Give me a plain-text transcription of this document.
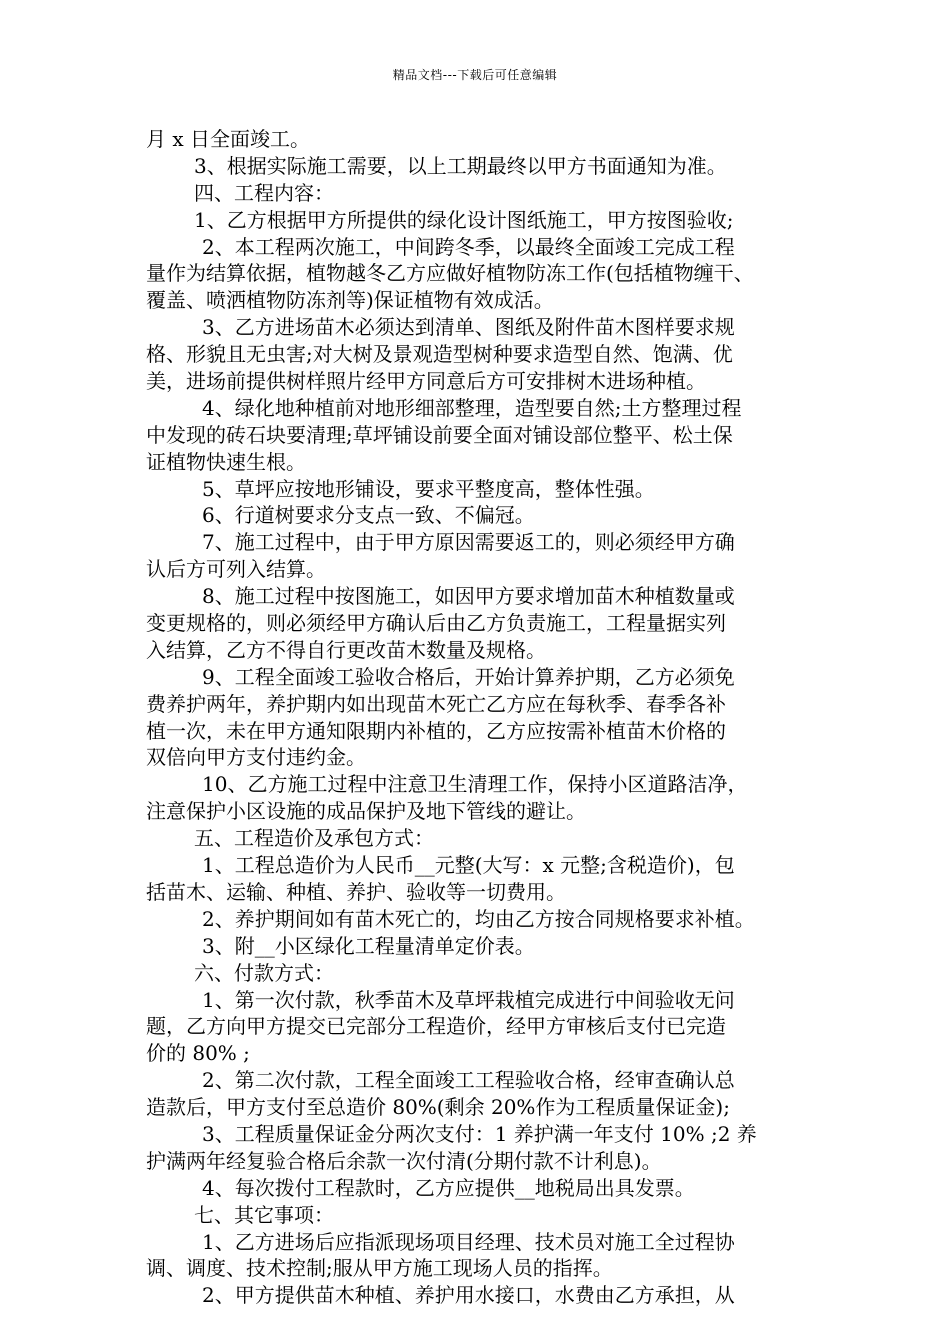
精品文档---下载后可任意编辑
月 x 日全面竣工。
3、根据实际施工需要，以上工期最终以甲方书面通知为准。
四、工程内容：
1、乙方根据甲方所提供的绿化设计图纸施工，甲方按图验收;
2、本工程两次施工，中间跨冬季，以最终全面竣工完成工程
量作为结算依据，植物越冬乙方应做好植物防冻工作(包括植物缠干、
覆盖、喷洒植物防冻剂等)保证植物有效成活。
3、乙方进场苗木必须达到清单、图纸及附件苗木图样要求规
格、形貌且无虫害;对大树及景观造型树种要求造型自然、饱满、优
美，进场前提供树样照片经甲方同意后方可安排树木进场种植。
4、绿化地种植前对地形细部整理，造型要自然;土方整理过程
中发现的砖石块要清理;草坪铺设前要全面对铺设部位整平、松土保
证植物快速生根。
5、草坪应按地形铺设，要求平整度高，整体性强。
6、行道树要求分支点一致、不偏冠。
7、施工过程中，由于甲方原因需要返工的，则必须经甲方确
认后方可列入结算。
8、施工过程中按图施工，如因甲方要求增加苗木种植数量或
变更规格的，则必须经甲方确认后由乙方负责施工，工程量据实列
入结算，乙方不得自行更改苗木数量及规格。
9、工程全面竣工验收合格后，开始计算养护期，乙方必须免
费养护两年，养护期内如出现苗木死亡乙方应在每秋季、春季各补
植一次，未在甲方通知限期内补植的，乙方应按需补植苗木价格的
双倍向甲方支付违约金。
10、乙方施工过程中注意卫生清理工作，保持小区道路洁净，
注意保护小区设施的成品保护及地下管线的避让。
五、工程造价及承包方式：
1、工程总造价为人民币__元整(大写：x 元整;含税造价)，包
括苗木、运输、种植、养护、验收等一切费用。
2、养护期间如有苗木死亡的，均由乙方按合同规格要求补植。
3、附__小区绿化工程量清单定价表。
六、付款方式：
1、第一次付款，秋季苗木及草坪栽植完成进行中间验收无问
题，乙方向甲方提交已完部分工程造价，经甲方审核后支付已完造
价的 80% ;
2、第二次付款，工程全面竣工工程验收合格，经审查确认总
造款后，甲方支付至总造价 80%(剩余 20%作为工程质量保证金);
3、工程质量保证金分两次支付：1 养护满一年支付 10% ;2 养
护满两年经复验合格后余款一次付清(分期付款不计利息)。
4、每次拨付工程款时，乙方应提供__地税局出具发票。
七、其它事项：
1、乙方进场后应指派现场项目经理、技术员对施工全过程协
调、调度、技术控制;服从甲方施工现场人员的指挥。
2、甲方提供苗木种植、养护用水接口，水费由乙方承担，从
